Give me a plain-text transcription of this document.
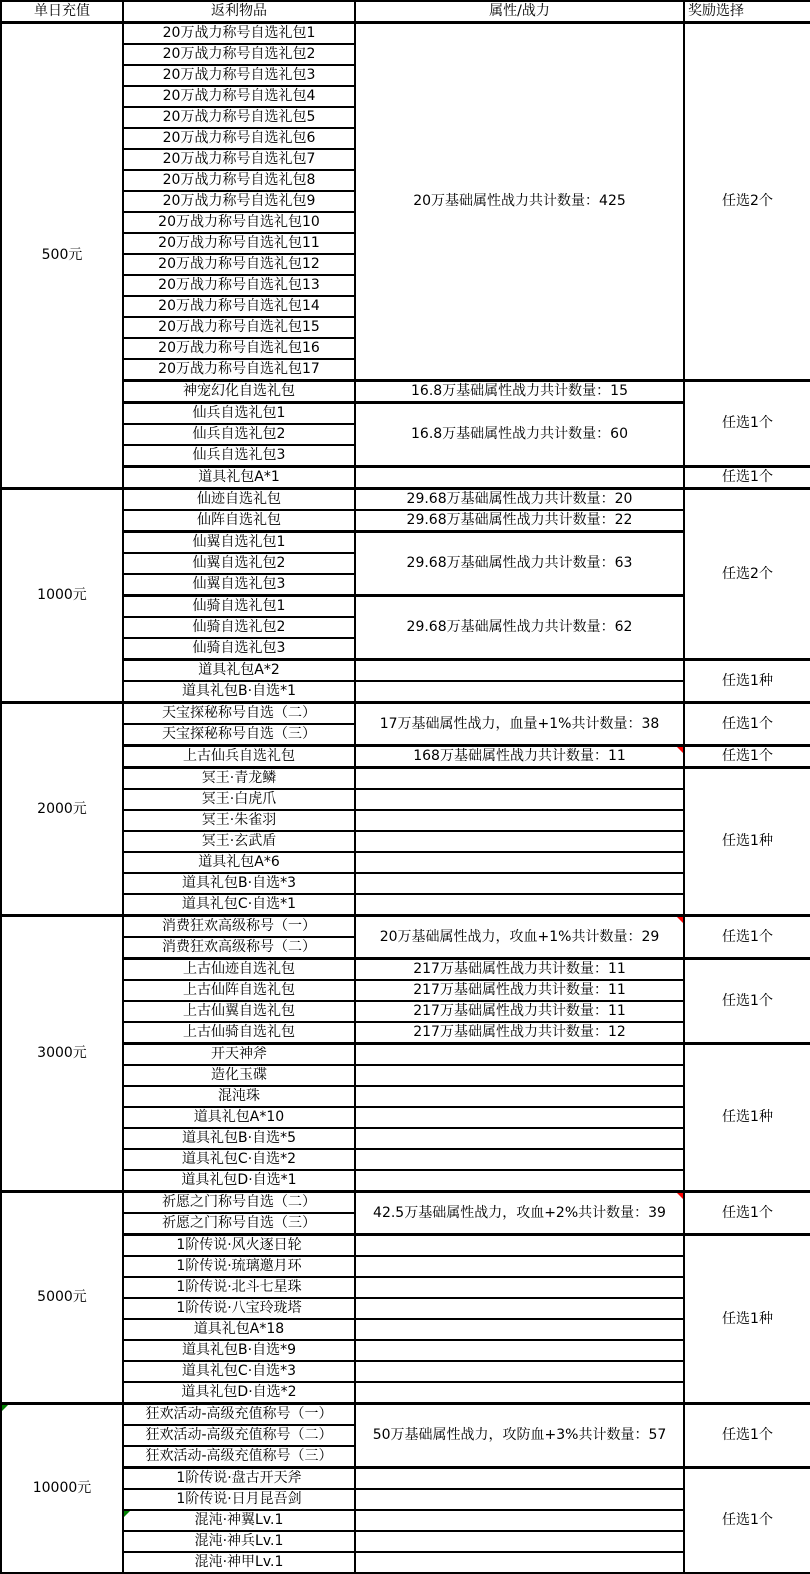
单日充值	返利物品	属性/战力	奖励选择
500元	20万战力称号自选礼包1	20万基础属性战力共计数量：425	任选2个
	20万战力称号自选礼包2		
	20万战力称号自选礼包3		
	20万战力称号自选礼包4		
	20万战力称号自选礼包5		
	20万战力称号自选礼包6		
	20万战力称号自选礼包7		
	20万战力称号自选礼包8		
	20万战力称号自选礼包9		
	20万战力称号自选礼包10		
	20万战力称号自选礼包11		
	20万战力称号自选礼包12		
	20万战力称号自选礼包13		
	20万战力称号自选礼包14		
	20万战力称号自选礼包15		
	20万战力称号自选礼包16		
	20万战力称号自选礼包17		
	神宠幻化自选礼包	16.8万基础属性战力共计数量：15	任选1个
	仙兵自选礼包1	16.8万基础属性战力共计数量：60	
	仙兵自选礼包2		
	仙兵自选礼包3		
	道具礼包A*1		任选1个
1000元	仙迹自选礼包	29.68万基础属性战力共计数量：20	任选2个
	仙阵自选礼包	29.68万基础属性战力共计数量：22	
	仙翼自选礼包1	29.68万基础属性战力共计数量：63	
	仙翼自选礼包2		
	仙翼自选礼包3		
	仙骑自选礼包1	29.68万基础属性战力共计数量：62	
	仙骑自选礼包2		
	仙骑自选礼包3		
	道具礼包A*2		任选1种
	道具礼包B·自选*1		
2000元	天宝探秘称号自选（二）	17万基础属性战力，血量+1%共计数量：38	任选1个
	天宝探秘称号自选（三）		
	上古仙兵自选礼包	168万基础属性战力共计数量：11	任选1个
	冥王·青龙鳞		任选1种
	冥王·白虎爪		
	冥王·朱雀羽		
	冥王·玄武盾		
	道具礼包A*6		
	道具礼包B·自选*3		
	道具礼包C·自选*1		
3000元	消费狂欢高级称号（一）	20万基础属性战力，攻血+1%共计数量：29	任选1个
	消费狂欢高级称号（二）		
	上古仙迹自选礼包	217万基础属性战力共计数量：11	任选1个
	上古仙阵自选礼包	217万基础属性战力共计数量：11	
	上古仙翼自选礼包	217万基础属性战力共计数量：11	
	上古仙骑自选礼包	217万基础属性战力共计数量：12	
	开天神斧		任选1种
	造化玉碟		
	混沌珠		
	道具礼包A*10		
	道具礼包B·自选*5		
	道具礼包C·自选*2		
	道具礼包D·自选*1		
5000元	祈愿之门称号自选（二）	42.5万基础属性战力，攻血+2%共计数量：39	任选1个
	祈愿之门称号自选（三）		
	1阶传说·风火逐日轮		任选1种
	1阶传说·琉璃邀月环		
	1阶传说·北斗七星珠		
	1阶传说·八宝玲珑塔		
	道具礼包A*18		
	道具礼包B·自选*9		
	道具礼包C·自选*3		
	道具礼包D·自选*2		
10000元	狂欢活动-高级充值称号（一）	50万基础属性战力，攻防血+3%共计数量：57	任选1个
	狂欢活动-高级充值称号（二）		
	狂欢活动-高级充值称号（三）		
	1阶传说·盘古开天斧		任选1个
	1阶传说·日月昆吾剑		
	混沌·神翼Lv.1	

	混沌·神兵Lv.1		
	混沌·神甲Lv.1		
